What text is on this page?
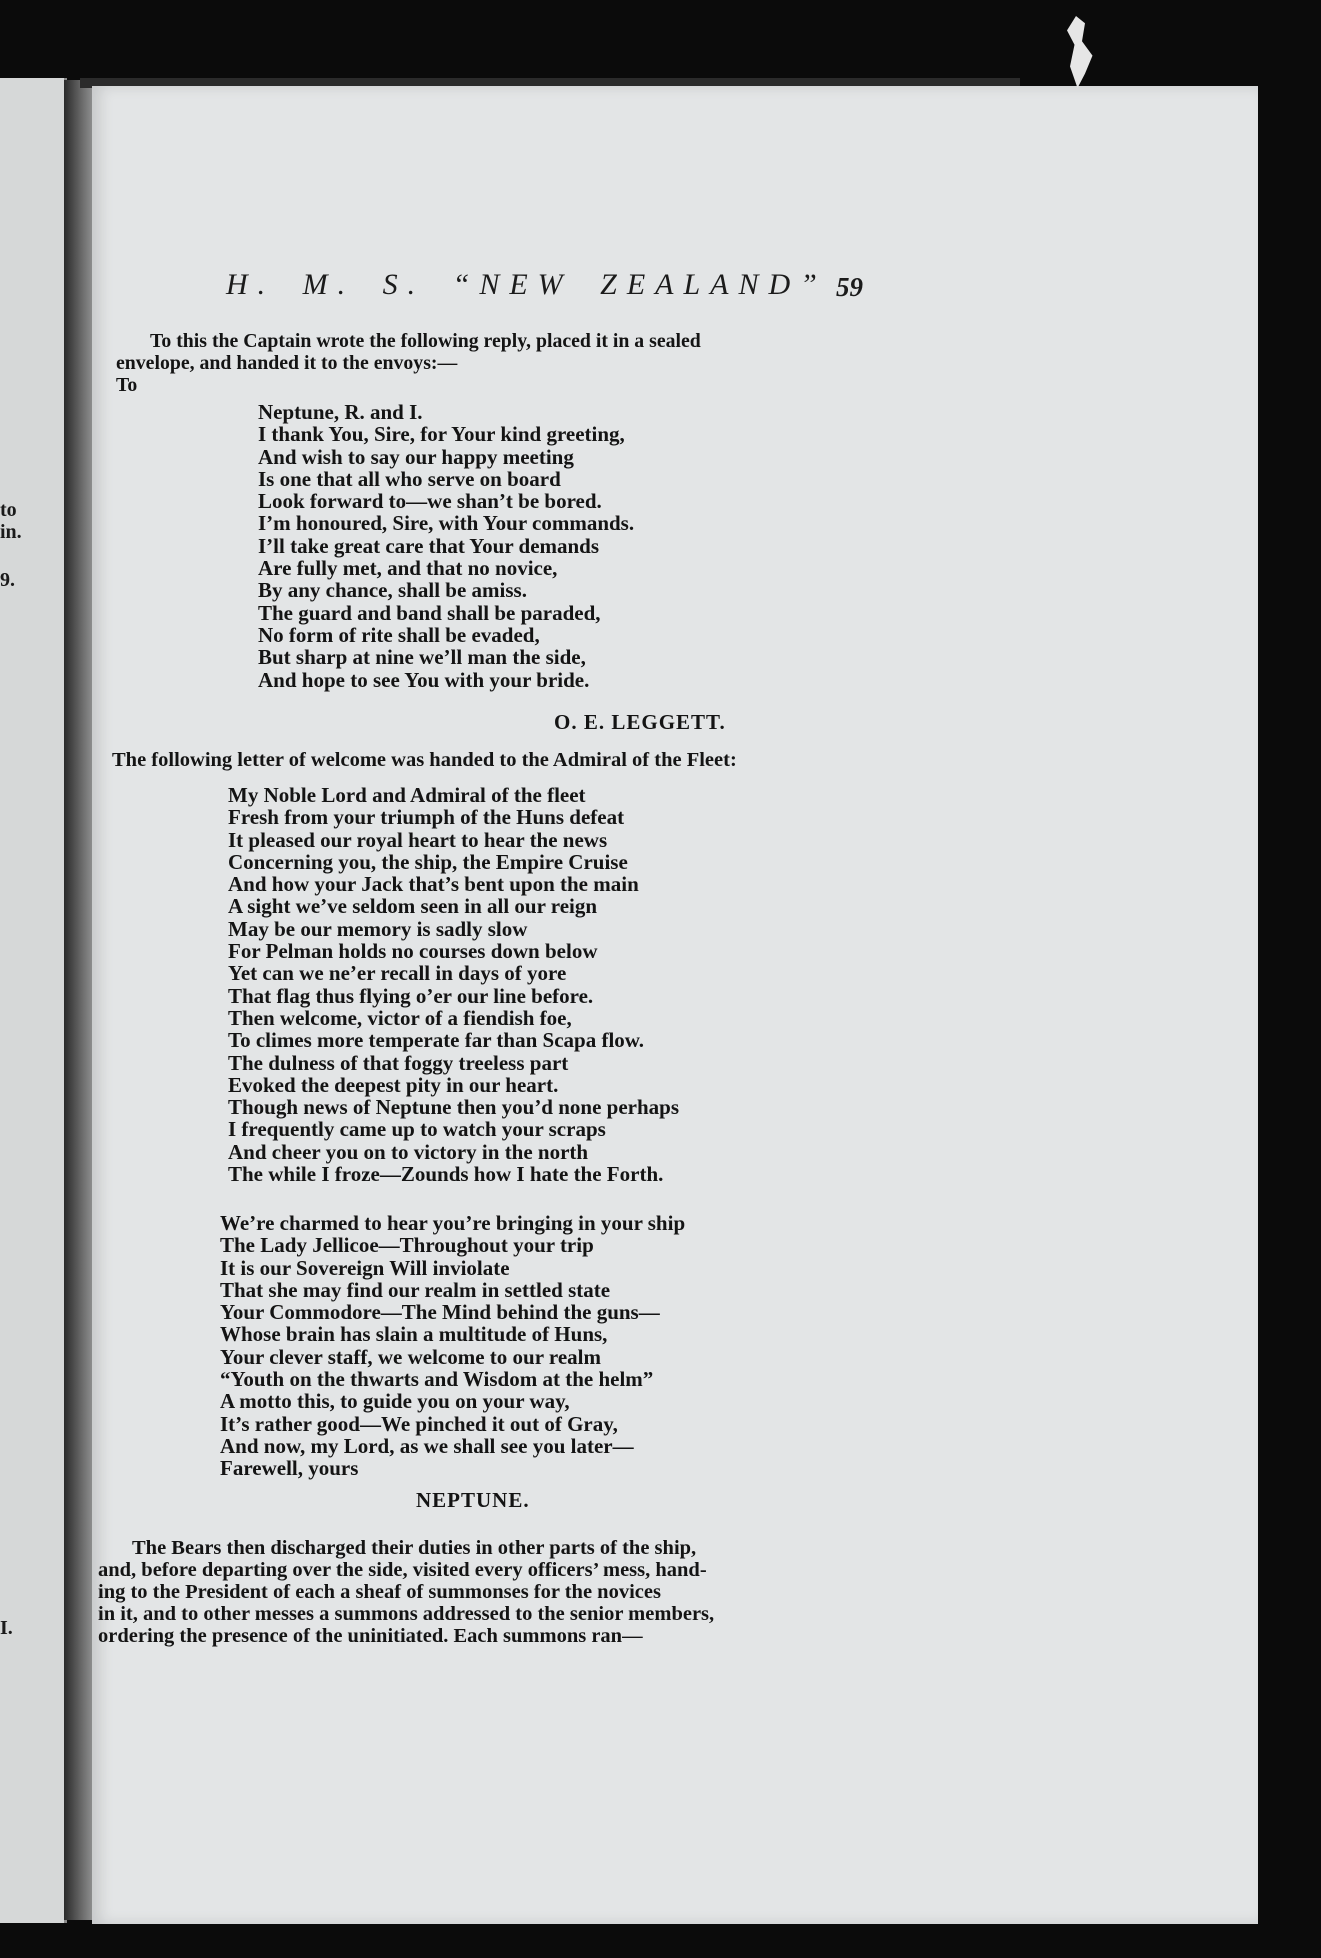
to
in.
9.
I.
H. M. S. “NEW ZEALAND” 59
To this the Captain wrote the following reply, placed it in a sealed
envelope, and handed it to the envoys:—
To
Neptune, R. and I.
I thank You, Sire, for Your kind greeting,
And wish to say our happy meeting
Is one that all who serve on board
Look forward to—we shan’t be bored.
I’m honoured, Sire, with Your commands.
I’ll take great care that Your demands
Are fully met, and that no novice,
By any chance, shall be amiss.
The guard and band shall be paraded,
No form of rite shall be evaded,
But sharp at nine we’ll man the side,
And hope to see You with your bride.
O. E. LEGGETT.
The following letter of welcome was handed to the Admiral of the Fleet:
My Noble Lord and Admiral of the fleet
Fresh from your triumph of the Huns defeat
It pleased our royal heart to hear the news
Concerning you, the ship, the Empire Cruise
And how your Jack that’s bent upon the main
A sight we’ve seldom seen in all our reign
May be our memory is sadly slow
For Pelman holds no courses down below
Yet can we ne’er recall in days of yore
That flag thus flying o’er our line before.
Then welcome, victor of a fiendish foe,
To climes more temperate far than Scapa flow.
The dulness of that foggy treeless part
Evoked the deepest pity in our heart.
Though news of Neptune then you’d none perhaps
I frequently came up to watch your scraps
And cheer you on to victory in the north
The while I froze—Zounds how I hate the Forth.
We’re charmed to hear you’re bringing in your ship
The Lady Jellicoe—Throughout your trip
It is our Sovereign Will inviolate
That she may find our realm in settled state
Your Commodore—The Mind behind the guns—
Whose brain has slain a multitude of Huns,
Your clever staff, we welcome to our realm
“Youth on the thwarts and Wisdom at the helm”
A motto this, to guide you on your way,
It’s rather good—We pinched it out of Gray,
And now, my Lord, as we shall see you later—
Farewell, yours
NEPTUNE.
The Bears then discharged their duties in other parts of the ship,
and, before departing over the side, visited every officers’ mess, hand-
ing to the President of each a sheaf of summonses for the novices
in it, and to other messes a summons addressed to the senior members,
ordering the presence of the uninitiated. Each summons ran—
